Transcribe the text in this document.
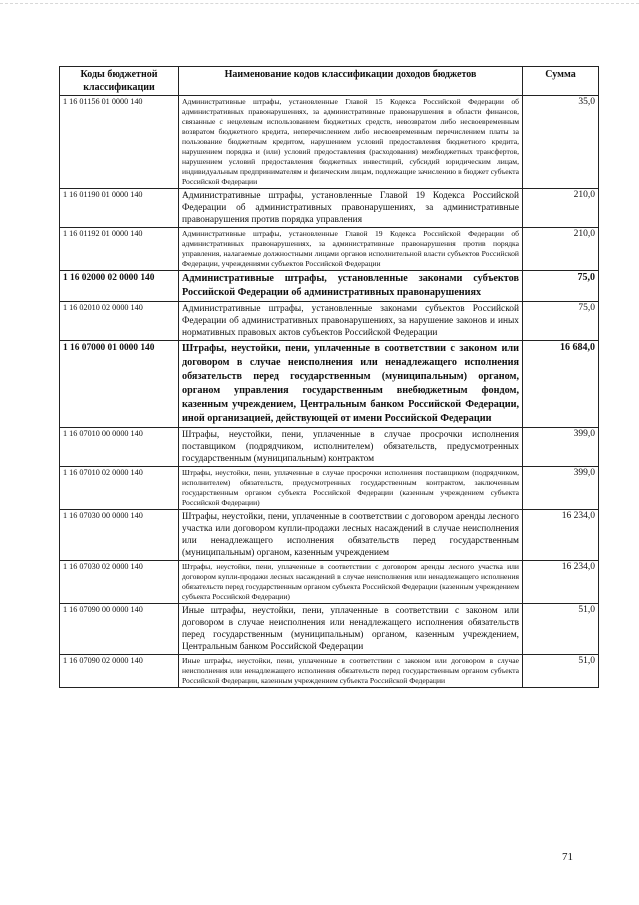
Коды бюджетной классификации	Наименование кодов классификации доходов бюджетов	Сумма
1 16 01156 01 0000 140	Административные штрафы, установленные Главой 15 Кодекса Российской Федерации об административных правонарушениях, за административные правонарушения в области финансов, связанные с нецелевым использованием бюджетных средств, невозвратом либо несвоевременным возвратом бюджетного кредита, неперечислением либо несвоевременным перечислением платы за пользование бюджетным кредитом, нарушением условий предоставления бюджетного кредита, нарушением порядка и (или) условий предоставления (расходования) межбюджетных трансфертов, нарушением условий предоставления бюджетных инвестиций, субсидий юридическим лицам, индивидуальным предпринимателям и физическим лицам, подлежащие зачислению в бюджет субъекта Российской Федерации	35,0
1 16 01190 01 0000 140	Административные штрафы, установленные Главой 19 Кодекса Российской Федерации об административных правонарушениях, за административные правонарушения против порядка управления	210,0
1 16 01192 01 0000 140	Административные штрафы, установленные Главой 19 Кодекса Российской Федерации об административных правонарушениях, за административные правонарушения против порядка управления, налагаемые должностными лицами органов исполнительной власти субъектов Российской Федерации, учреждениями субъектов Российской Федерации	210,0
1 16 02000 02 0000 140	Административные штрафы, установленные законами субъектов Российской Федерации об административных правонарушениях	75,0
1 16 02010 02 0000 140	Административные штрафы, установленные законами субъектов Российской Федерации об административных правонарушениях, за нарушение законов и иных нормативных правовых актов субъектов Российской Федерации	75,0
1 16 07000 01 0000 140	Штрафы, неустойки, пени, уплаченные в соответствии с законом или договором в случае неисполнения или ненадлежащего исполнения обязательств перед государственным (муниципальным) органом, органом управления государственным внебюджетным фондом, казенным учреждением, Центральным банком Российской Федерации, иной организацией, действующей от имени Российской Федерации	16 684,0
1 16 07010 00 0000 140	Штрафы, неустойки, пени, уплаченные в случае просрочки исполнения поставщиком (подрядчиком, исполнителем) обязательств, предусмотренных государственным (муниципальным) контрактом	399,0
1 16 07010 02 0000 140	Штрафы, неустойки, пени, уплаченные в случае просрочки исполнения поставщиком (подрядчиком, исполнителем) обязательств, предусмотренных государственным контрактом, заключенным государственным органом субъекта Российской Федерации (казенным учреждением субъекта Российской Федерации)	399,0
1 16 07030 00 0000 140	Штрафы, неустойки, пени, уплаченные в соответствии с договором аренды лесного участка или договором купли-продажи лесных насаждений в случае неисполнения или ненадлежащего исполнения обязательств перед государственным (муниципальным) органом, казенным учреждением	16 234,0
1 16 07030 02 0000 140	Штрафы, неустойки, пени, уплаченные в соответствии с договором аренды лесного участка или договором купли-продажи лесных насаждений в случае неисполнения или ненадлежащего исполнения обязательств перед государственным органом субъекта Российской Федерации (казенным учреждением субъекта Российской Федерации)	16 234,0
1 16 07090 00 0000 140	Иные штрафы, неустойки, пени, уплаченные в соответствии с законом или договором в случае неисполнения или ненадлежащего исполнения обязательств перед государственным (муниципальным) органом, казенным учреждением, Центральным банком Российской Федерации	51,0
1 16 07090 02 0000 140	Иные штрафы, неустойки, пени, уплаченные в соответствии с законом или договором в случае неисполнения или ненадлежащего исполнения обязательств перед государственным органом субъекта Российской Федерации, казенным учреждением субъекта Российской Федерации	51,0
71
